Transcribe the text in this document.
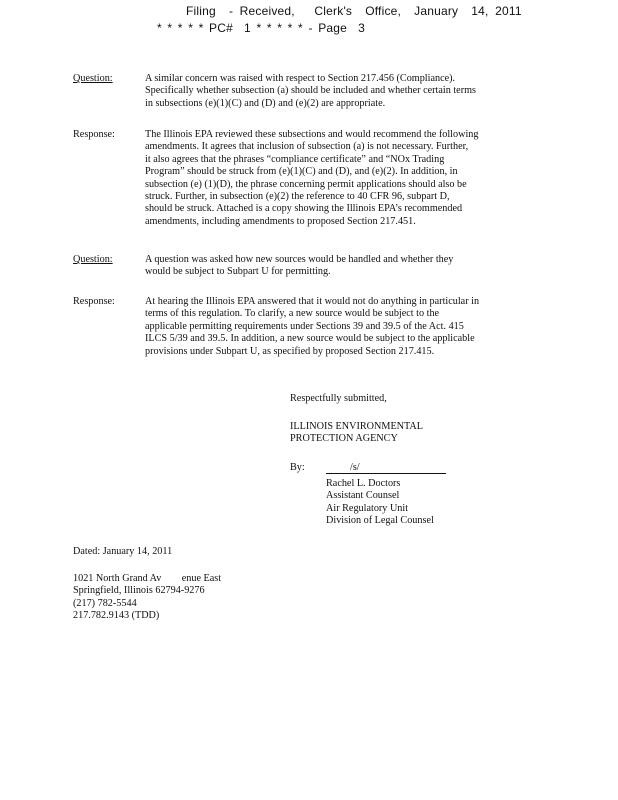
Filing  - Received,   Clerk's  Office,  January  14, 2011
* * * * * PC#  1 * * * * * - Page  3
Question:	A similar concern was raised with respect to Section 217.456 (Compliance).
Specifically whether subsection (a) should be included and whether certain terms
in subsections (e)(1)(C) and (D) and (e)(2) are appropriate.
Response:	The Illinois EPA reviewed these subsections and would recommend the following
amendments. It agrees that inclusion of subsection (a) is not necessary. Further,
it also agrees that the phrases “compliance certificate” and “NOx Trading
Program” should be struck from (e)(1)(C) and (D), and (e)(2). In addition, in
subsection (e) (1)(D), the phrase concerning permit applications should also be
struck. Further, in subsection (e)(2) the reference to 40 CFR 96, subpart D,
should be struck. Attached is a copy showing the Illinois EPA’s recommended
amendments, including amendments to proposed Section 217.451.
Question:	A question was asked how new sources would be handled and whether they
would be subject to Subpart U for permitting.
Response:	At hearing the Illinois EPA answered that it would not do anything in particular in
terms of this regulation. To clarify, a new source would be subject to the
applicable permitting requirements under Sections 39 and 39.5 of the Act. 415
ILCS 5/39 and 39.5. In addition, a new source would be subject to the applicable
provisions under Subpart U, as specified by proposed Section 217.415.
Respectfully submitted,
ILLINOIS ENVIRONMENTAL
PROTECTION AGENCY
By:	/s/
Rachel L. Doctors
Assistant Counsel
Air Regulatory Unit
Division of Legal Counsel
Dated: January 14, 2011
1021 North Grand Av        enue East
Springfield, Illinois 62794-9276
(217) 782-5544
217.782.9143 (TDD)
